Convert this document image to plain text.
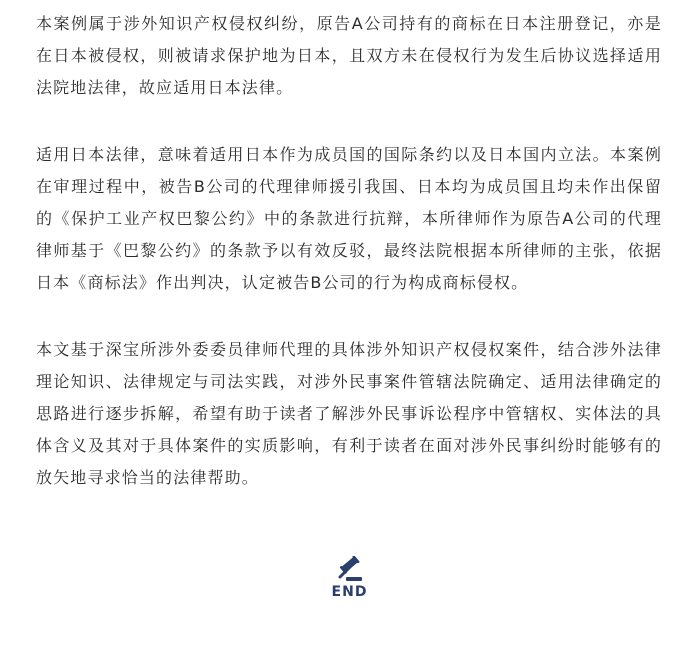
本案例属于涉外知识产权侵权纠纷，原告A公司持有的商标在日本注册登记，亦是在日本被侵权，则被请求保护地为日本，且双方未在侵权行为发生后协议选择适用法院地法律，故应适用日本法律。

适用日本法律，意味着适用日本作为成员国的国际条约以及日本国内立法。本案例在审理过程中，被告B公司的代理律师援引我国、日本均为成员国且均未作出保留的《保护工业产权巴黎公约》中的条款进行抗辩，本所律师作为原告A公司的代理律师基于《巴黎公约》的条款予以有效反驳，最终法院根据本所律师的主张，依据日本《商标法》作出判决，认定被告B公司的行为构成商标侵权。

本文基于深宝所涉外委委员律师代理的具体涉外知识产权侵权案件，结合涉外法律理论知识、法律规定与司法实践，对涉外民事案件管辖法院确定、适用法律确定的思路进行逐步拆解，希望有助于读者了解涉外民事诉讼程序中管辖权、实体法的具体含义及其对于具体案件的实质影响，有利于读者在面对涉外民事纠纷时能够有的放矢地寻求恰当的法律帮助。

END
